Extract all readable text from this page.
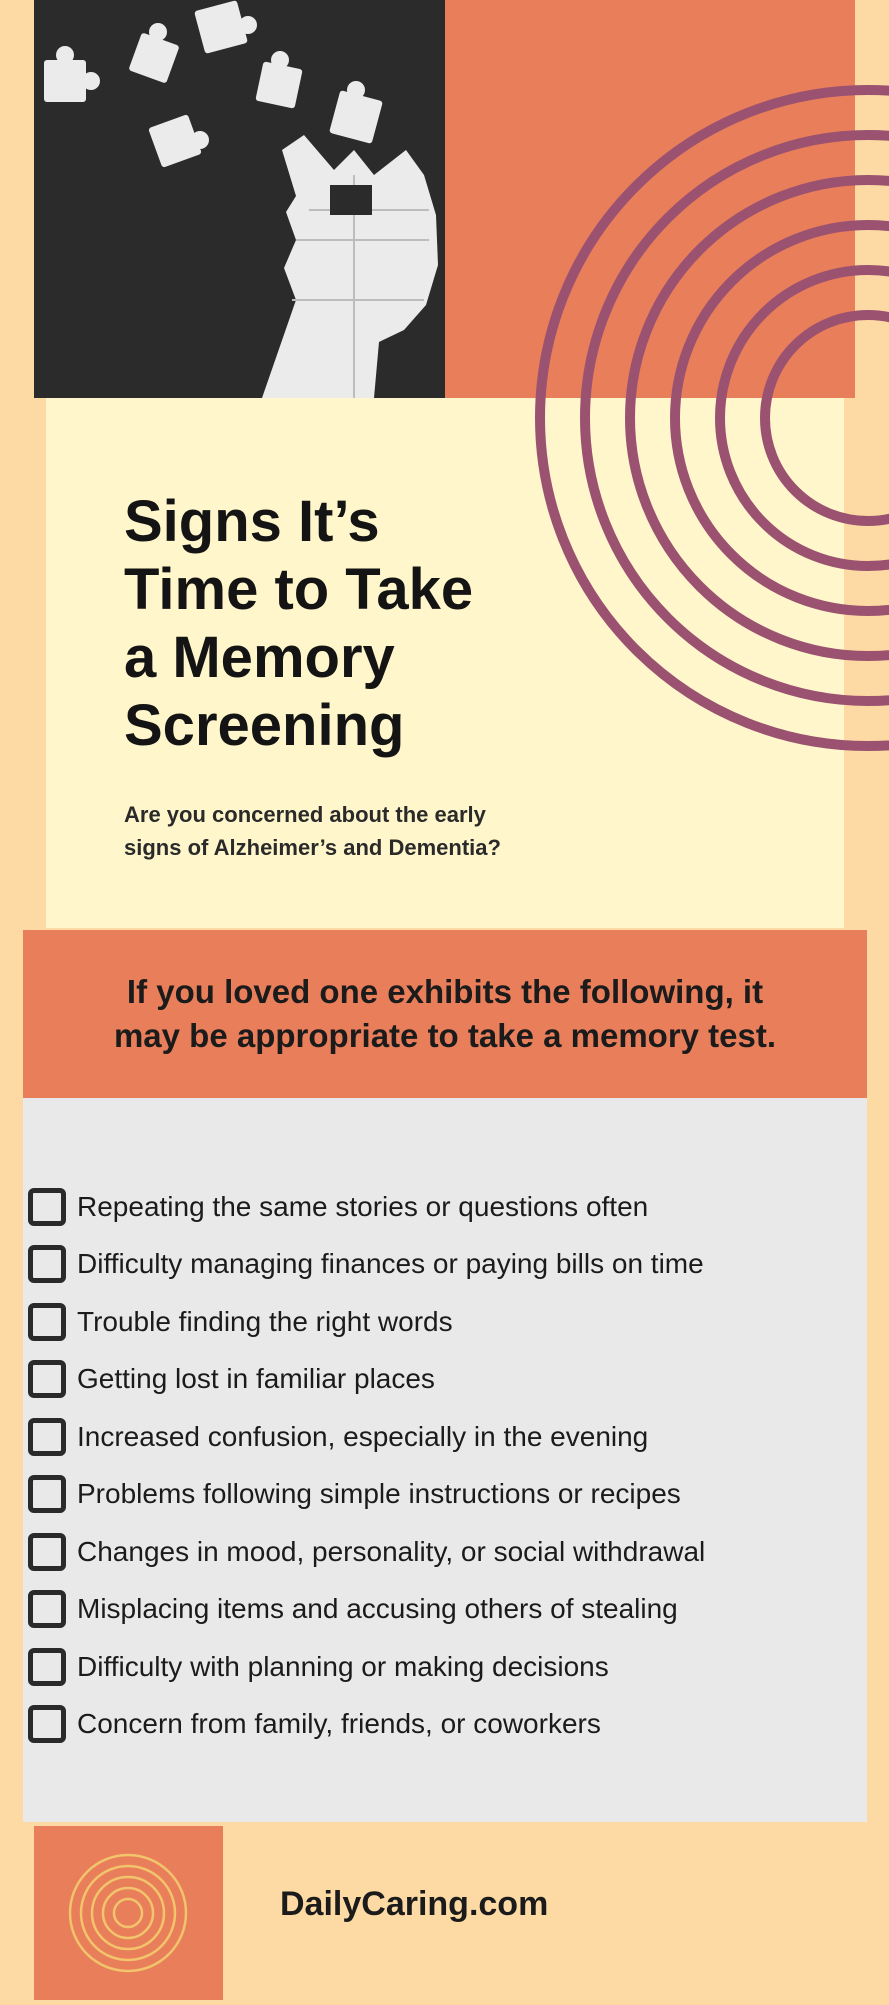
Signs It’s
Time to Take
a Memory
Screening

Are you concerned about the early
signs of Alzheimer’s and Dementia?

If you loved one exhibits the following, it
may be appropriate to take a memory test.

Repeating the same stories or questions often
Difficulty managing finances or paying bills on time
Trouble finding the right words
Getting lost in familiar places
Increased confusion, especially in the evening
Problems following simple instructions or recipes
Changes in mood, personality, or social withdrawal
Misplacing items and accusing others of stealing
Difficulty with planning or making decisions
Concern from family, friends, or coworkers

DailyCaring.com
